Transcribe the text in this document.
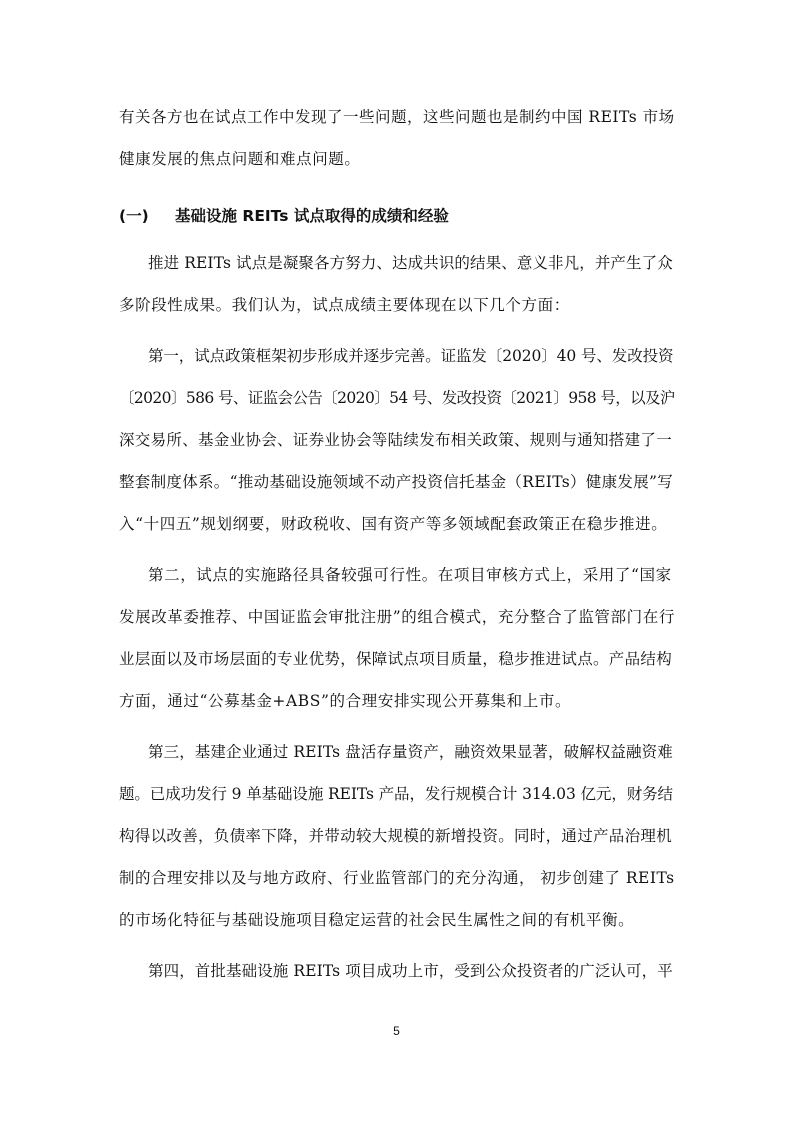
有关各方也在试点工作中发现了一些问题，这些问题也是制约中国 REITs 市场
健康发展的焦点问题和难点问题。
(一) 基础设施 REITs 试点取得的成绩和经验
推进 REITs 试点是凝聚各方努力、达成共识的结果、意义非凡，并产生了众
多阶段性成果。我们认为，试点成绩主要体现在以下几个方面：
第一，试点政策框架初步形成并逐步完善。证监发〔2020〕40 号、发改投资
〔2020〕586 号、证监会公告〔2020〕54 号、发改投资〔2021〕958 号，以及沪
深交易所、基金业协会、证券业协会等陆续发布相关政策、规则与通知搭建了一
整套制度体系。“推动基础设施领域不动产投资信托基金（REITs）健康发展”写
入“十四五”规划纲要，财政税收、国有资产等多领域配套政策正在稳步推进。
第二，试点的实施路径具备较强可行性。在项目审核方式上，采用了“国家
发展改革委推荐、中国证监会审批注册”的组合模式，充分整合了监管部门在行
业层面以及市场层面的专业优势，保障试点项目质量，稳步推进试点。产品结构
方面，通过“公募基金+ABS”的合理安排实现公开募集和上市。
第三，基建企业通过 REITs 盘活存量资产，融资效果显著，破解权益融资难
题。已成功发行 9 单基础设施 REITs 产品，发行规模合计 314.03 亿元，财务结
构得以改善，负债率下降，并带动较大规模的新增投资。同时，通过产品治理机
制的合理安排以及与地方政府、行业监管部门的充分沟通， 初步创建了 REITs
的市场化特征与基础设施项目稳定运营的社会民生属性之间的有机平衡。
第四，首批基础设施 REITs 项目成功上市，受到公众投资者的广泛认可，平
5
